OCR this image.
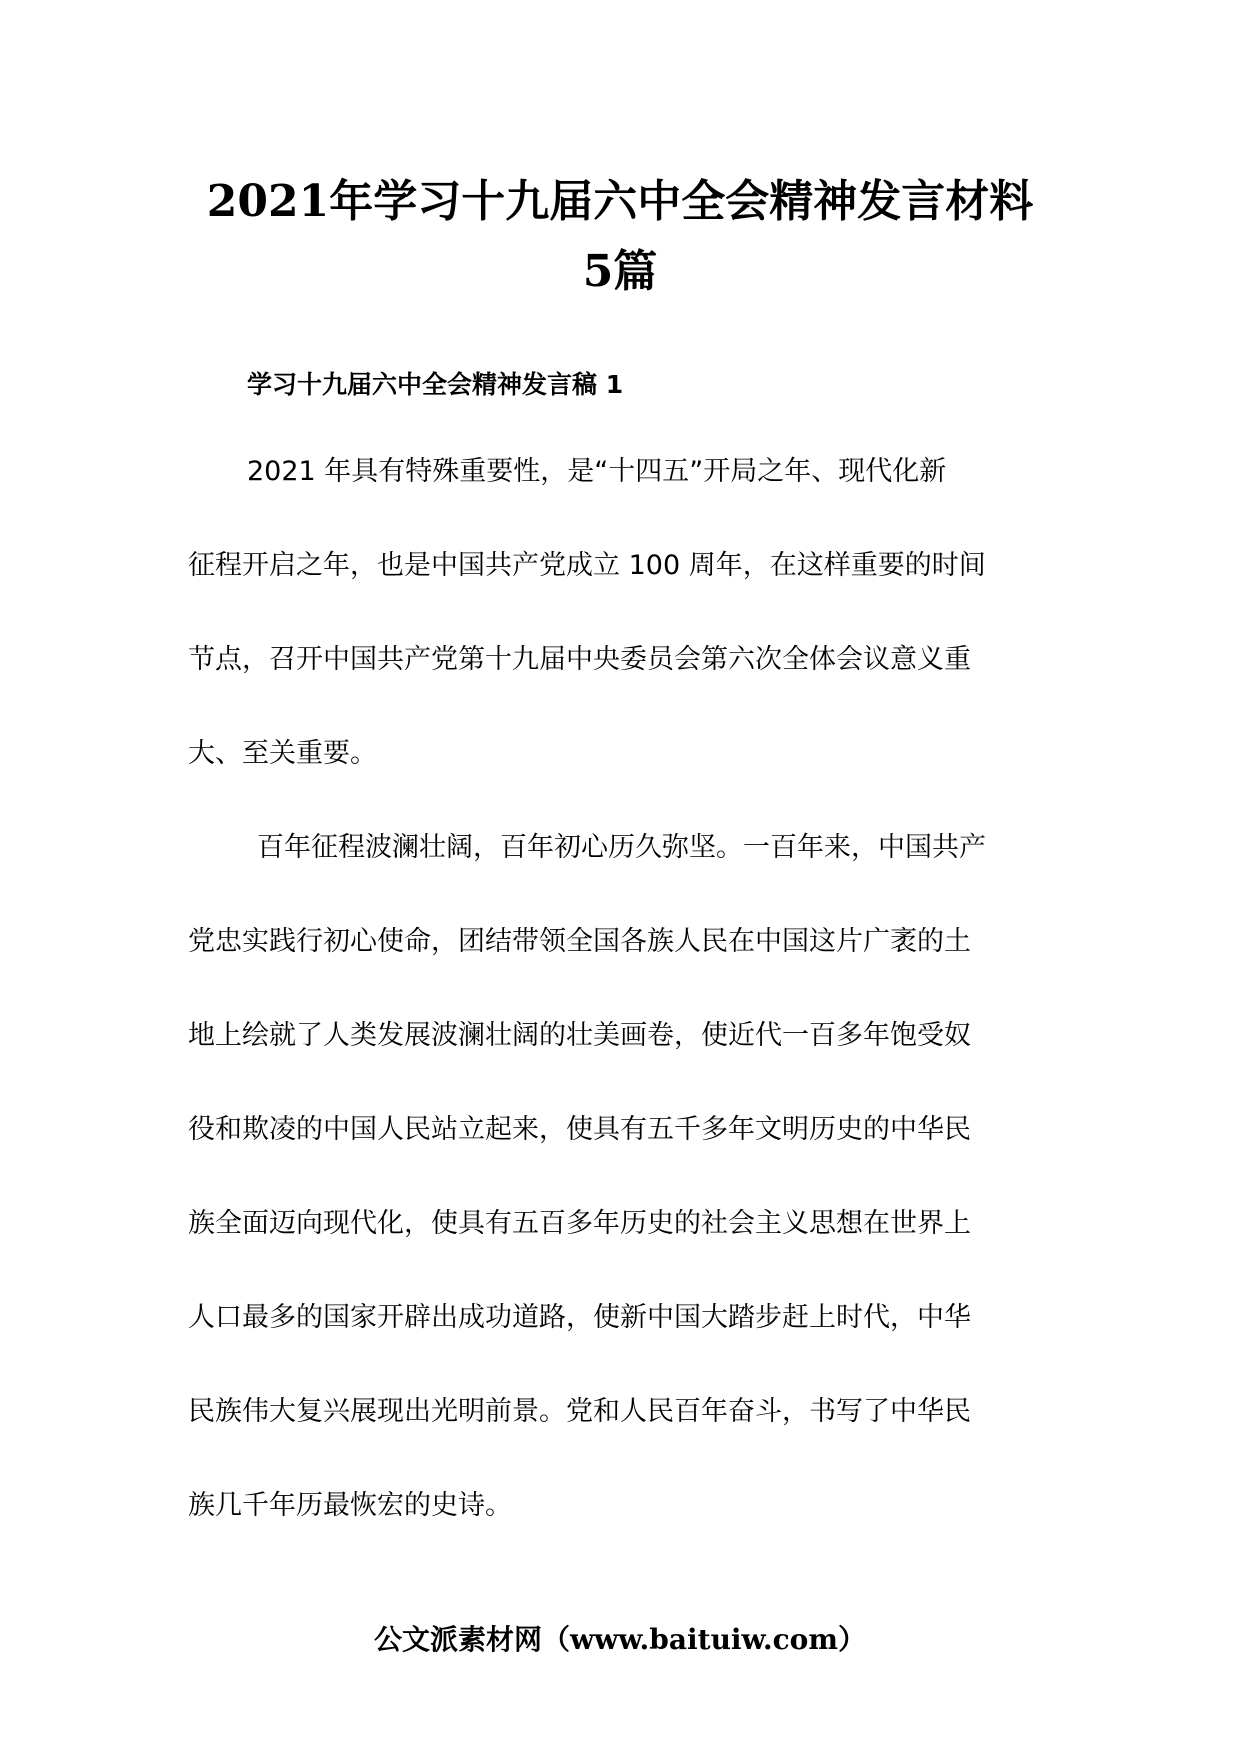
2021年学习十九届六中全会精神发言材料
5篇
学习十九届六中全会精神发言稿 1

2021 年具有特殊重要性，是“十四五”开局之年、现代化新

征程开启之年，也是中国共产党成立 100 周年，在这样重要的时间

节点，召开中国共产党第十九届中央委员会第六次全体会议意义重

大、至关重要。

百年征程波澜壮阔，百年初心历久弥坚。一百年来，中国共产

党忠实践行初心使命，团结带领全国各族人民在中国这片广袤的土

地上绘就了人类发展波澜壮阔的壮美画卷，使近代一百多年饱受奴

役和欺凌的中国人民站立起来，使具有五千多年文明历史的中华民

族全面迈向现代化，使具有五百多年历史的社会主义思想在世界上

人口最多的国家开辟出成功道路，使新中国大踏步赶上时代，中华

民族伟大复兴展现出光明前景。党和人民百年奋斗，书写了中华民

族几千年历最恢宏的史诗。

公文派素材网（www.baituiw.com）
